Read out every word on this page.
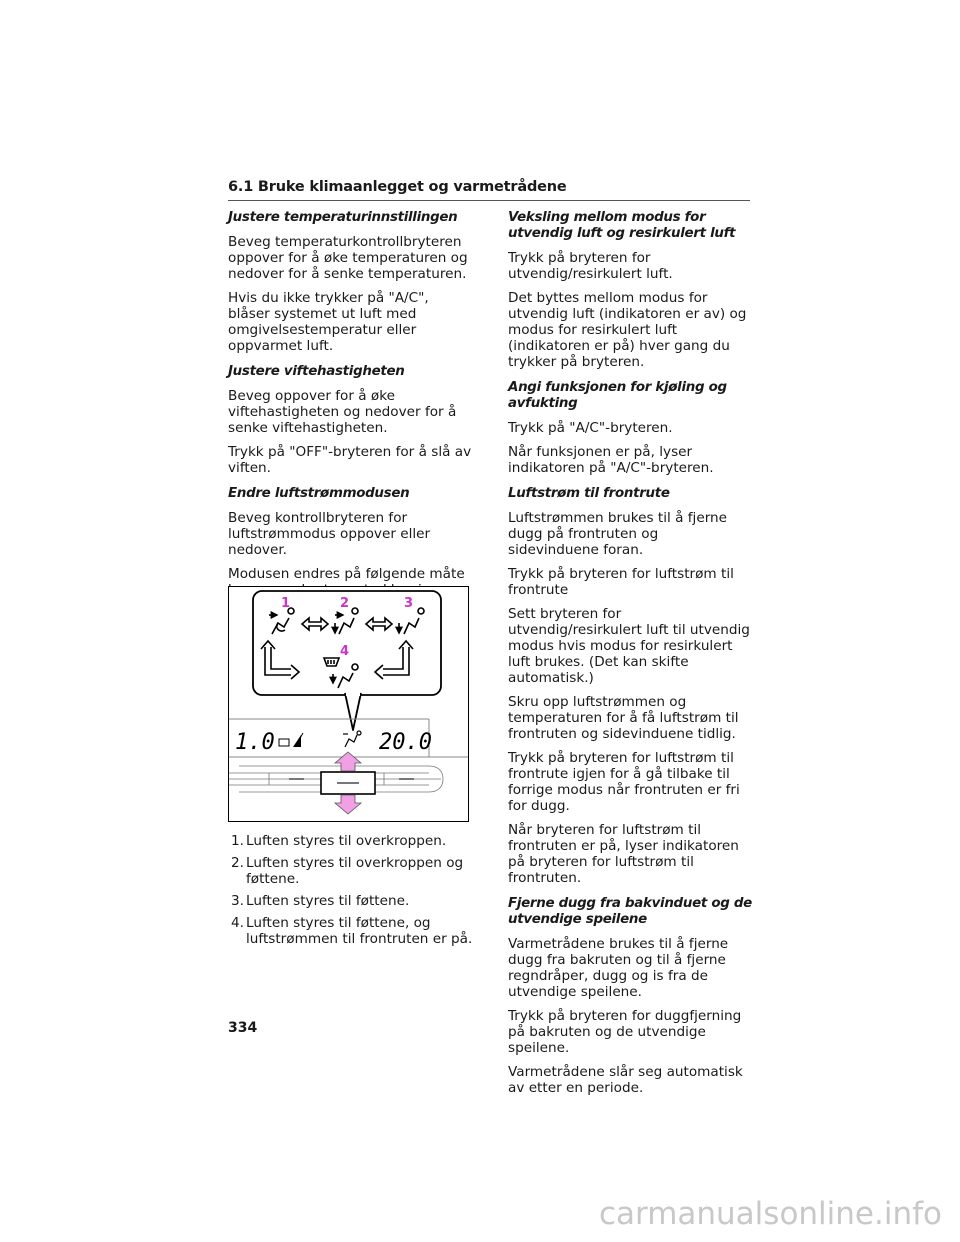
6.1 Bruke klimaanlegget og varmetrådene
Justere temperaturinnstillingen

Beveg temperaturkontrollbryteren oppover for å øke temperaturen og nedover for å senke temperaturen.

Hvis du ikke trykker på "A/C", blåser systemet ut luft med omgivelsestemperatur eller oppvarmet luft.

Justere viftehastigheten

Beveg oppover for å øke viftehastigheten og nedover for å senke viftehastigheten.

Trykk på "OFF"-bryteren for å slå av viften.

Endre luftstrømmodusen

Beveg kontrollbryteren for luftstrømmodus oppover eller nedover.

Modusen endres på følgende måte

1	2	3
4
1.0	20.0
1. Luften styres til overkroppen.
2. Luften styres til overkroppen og føttene.
3. Luften styres til føttene.
4. Luften styres til føttene, og luftstrømmen til frontruten er på.
Veksling mellom modus for utvendig luft og resirkulert luft

Trykk på bryteren for utvendig/resirkulert luft.

Det byttes mellom modus for utvendig luft (indikatoren er av) og modus for resirkulert luft (indikatoren er på) hver gang du trykker på bryteren.

Angi funksjonen for kjøling og avfukting

Trykk på "A/C"-bryteren.

Når funksjonen er på, lyser indikatoren på "A/C"-bryteren.

Luftstrøm til frontrute

Luftstrømmen brukes til å fjerne dugg på frontruten og sidevinduene foran.

Trykk på bryteren for luftstrøm til frontrute

Sett bryteren for utvendig/resirkulert luft til utvendig modus hvis modus for resirkulert luft brukes. (Det kan skifte automatisk.)

Skru opp luftstrømmen og temperaturen for å få luftstrøm til frontruten og sidevinduene tidlig.

Trykk på bryteren for luftstrøm til frontrute igjen for å gå tilbake til forrige modus når frontruten er fri for dugg.

Når bryteren for luftstrøm til frontruten er på, lyser indikatoren på bryteren for luftstrøm til frontruten.

Fjerne dugg fra bakvinduet og de utvendige speilene

Varmetrådene brukes til å fjerne dugg fra bakruten og til å fjerne regndråper, dugg og is fra de utvendige speilene.

Trykk på bryteren for duggfjerning på bakruten og de utvendige speilene.

Varmetrådene slår seg automatisk av etter en periode.

334
carmanualsonline.info
